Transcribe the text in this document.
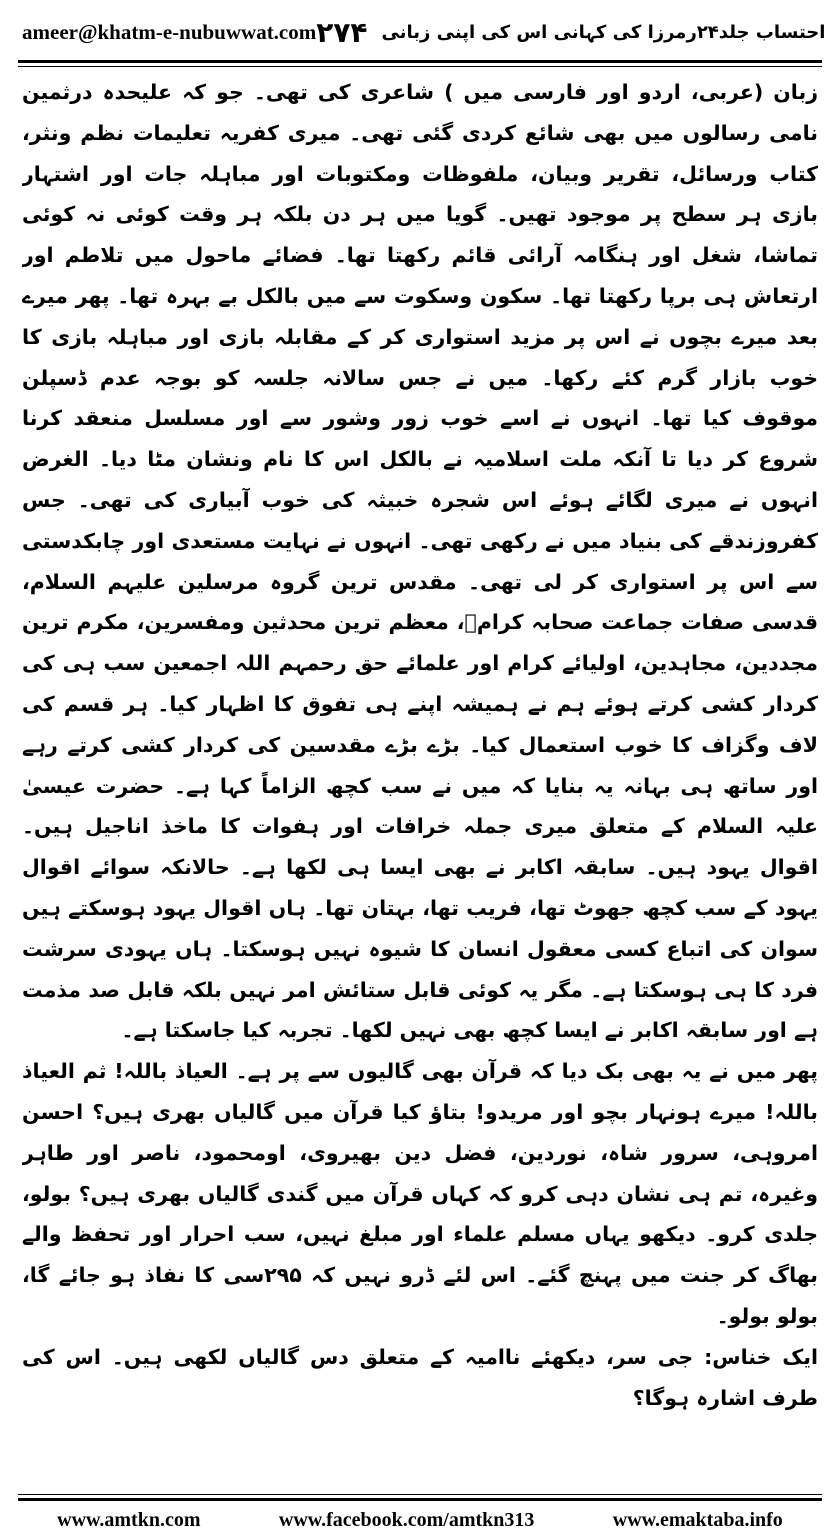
ameer@khatm-e-nubuwwat.com	احتساب جلد۲۴رمرزا کی کہانی اس کی اپنی زبانی
۲۷۴

زبان (عربی، اردو اور فارسی میں ) شاعری کی تھی۔ جو کہ علیحدہ درثمین نامی رسالوں میں بھی شائع کردی گئی تھی۔ میری کفریہ تعلیمات نظم ونثر، کتاب ورسائل، تقریر وبیان، ملفوظات ومکتوبات اور مباہلہ جات اور اشتہار بازی ہر سطح پر موجود تھیں۔ گویا میں ہر دن بلکہ ہر وقت کوئی نہ کوئی تماشا، شغل اور ہنگامہ آرائی قائم رکھتا تھا۔ فضائے ماحول میں تلاطم اور ارتعاش ہی برپا رکھتا تھا۔ سکون وسکوت سے میں بالکل بے بہرہ تھا۔ پھر میرے بعد میرے بچوں نے اس پر مزید استواری کر کے مقابلہ بازی اور مباہلہ بازی کا خوب بازار گرم کئے رکھا۔ میں نے جس سالانہ جلسہ کو بوجہ عدم ڈسپلن موقوف کیا تھا۔ انہوں نے اسے خوب زور وشور سے اور مسلسل منعقد کرنا شروع کر دیا تا آنکہ ملت اسلامیہ نے بالکل اس کا نام ونشان مٹا دیا۔ الغرض انہوں نے میری لگائے ہوئے اس شجرہ خبیثہ کی خوب آبیاری کی تھی۔ جس کفروزندقے کی بنیاد میں نے رکھی تھی۔ انہوں نے نہایت مستعدی اور چابکدستی سے اس پر استواری کر لی تھی۔ مقدس ترین گروہ مرسلین علیہم السلام، قدسی صفات جماعت صحابہ کرامؓ، معظم ترین محدثین ومفسرین، مکرم ترین مجددین، مجاہدین، اولیائے کرام اور علمائے حق رحمہم اللہ اجمعین سب ہی کی کردار کشی کرتے ہوئے ہم نے ہمیشہ اپنے ہی تفوق کا اظہار کیا۔ ہر قسم کی لاف وگزاف کا خوب استعمال کیا۔ بڑے بڑے مقدسین کی کردار کشی کرتے رہے اور ساتھ ہی بہانہ یہ بنایا کہ میں نے سب کچھ الزاماً کہا ہے۔ حضرت عیسیٰ علیہ السلام کے متعلق میری جملہ خرافات اور ہفوات کا ماخذ اناجیل ہیں۔ اقوال یہود ہیں۔ سابقہ اکابر نے بھی ایسا ہی لکھا ہے۔ حالانکہ سوائے اقوال یہود کے سب کچھ جھوٹ تھا، فریب تھا، بہتان تھا۔ ہاں اقوال یہود ہوسکتے ہیں سوان کی اتباع کسی معقول انسان کا شیوہ نہیں ہوسکتا۔ ہاں یہودی سرشت فرد کا ہی ہوسکتا ہے۔ مگر یہ کوئی قابل ستائش امر نہیں بلکہ قابل صد مذمت ہے اور سابقہ اکابر نے ایسا کچھ بھی نہیں لکھا۔ تجربہ کیا جاسکتا ہے۔

پھر میں نے یہ بھی بک دیا کہ قرآن بھی گالیوں سے پر ہے۔ العیاذ باللہ! ثم العیاذ باللہ! میرے ہونہار بچو اور مریدو! بتاؤ کیا قرآن میں گالیاں بھری ہیں؟ احسن امروہی، سرور شاہ، نوردین، فضل دین بھیروی، اومحمود، ناصر اور طاہر وغیرہ، تم ہی نشان دہی کرو کہ کہاں قرآن میں گندی گالیاں بھری ہیں؟ بولو، جلدی کرو۔ دیکھو یہاں مسلم علماء اور مبلغ نہیں، سب احرار اور تحفظ والے بھاگ کر جنت میں پہنچ گئے۔ اس لئے ڈرو نہیں کہ ۲۹۵سی کا نفاذ ہو جائے گا، بولو بولو۔

ایک خناس: جی سر، دیکھئے ناامیہ کے متعلق دس گالیاں لکھی ہیں۔ اس کی طرف اشارہ ہوگا؟

www.amtkn.com	www.facebook.com/amtkn313	www.emaktaba.info
